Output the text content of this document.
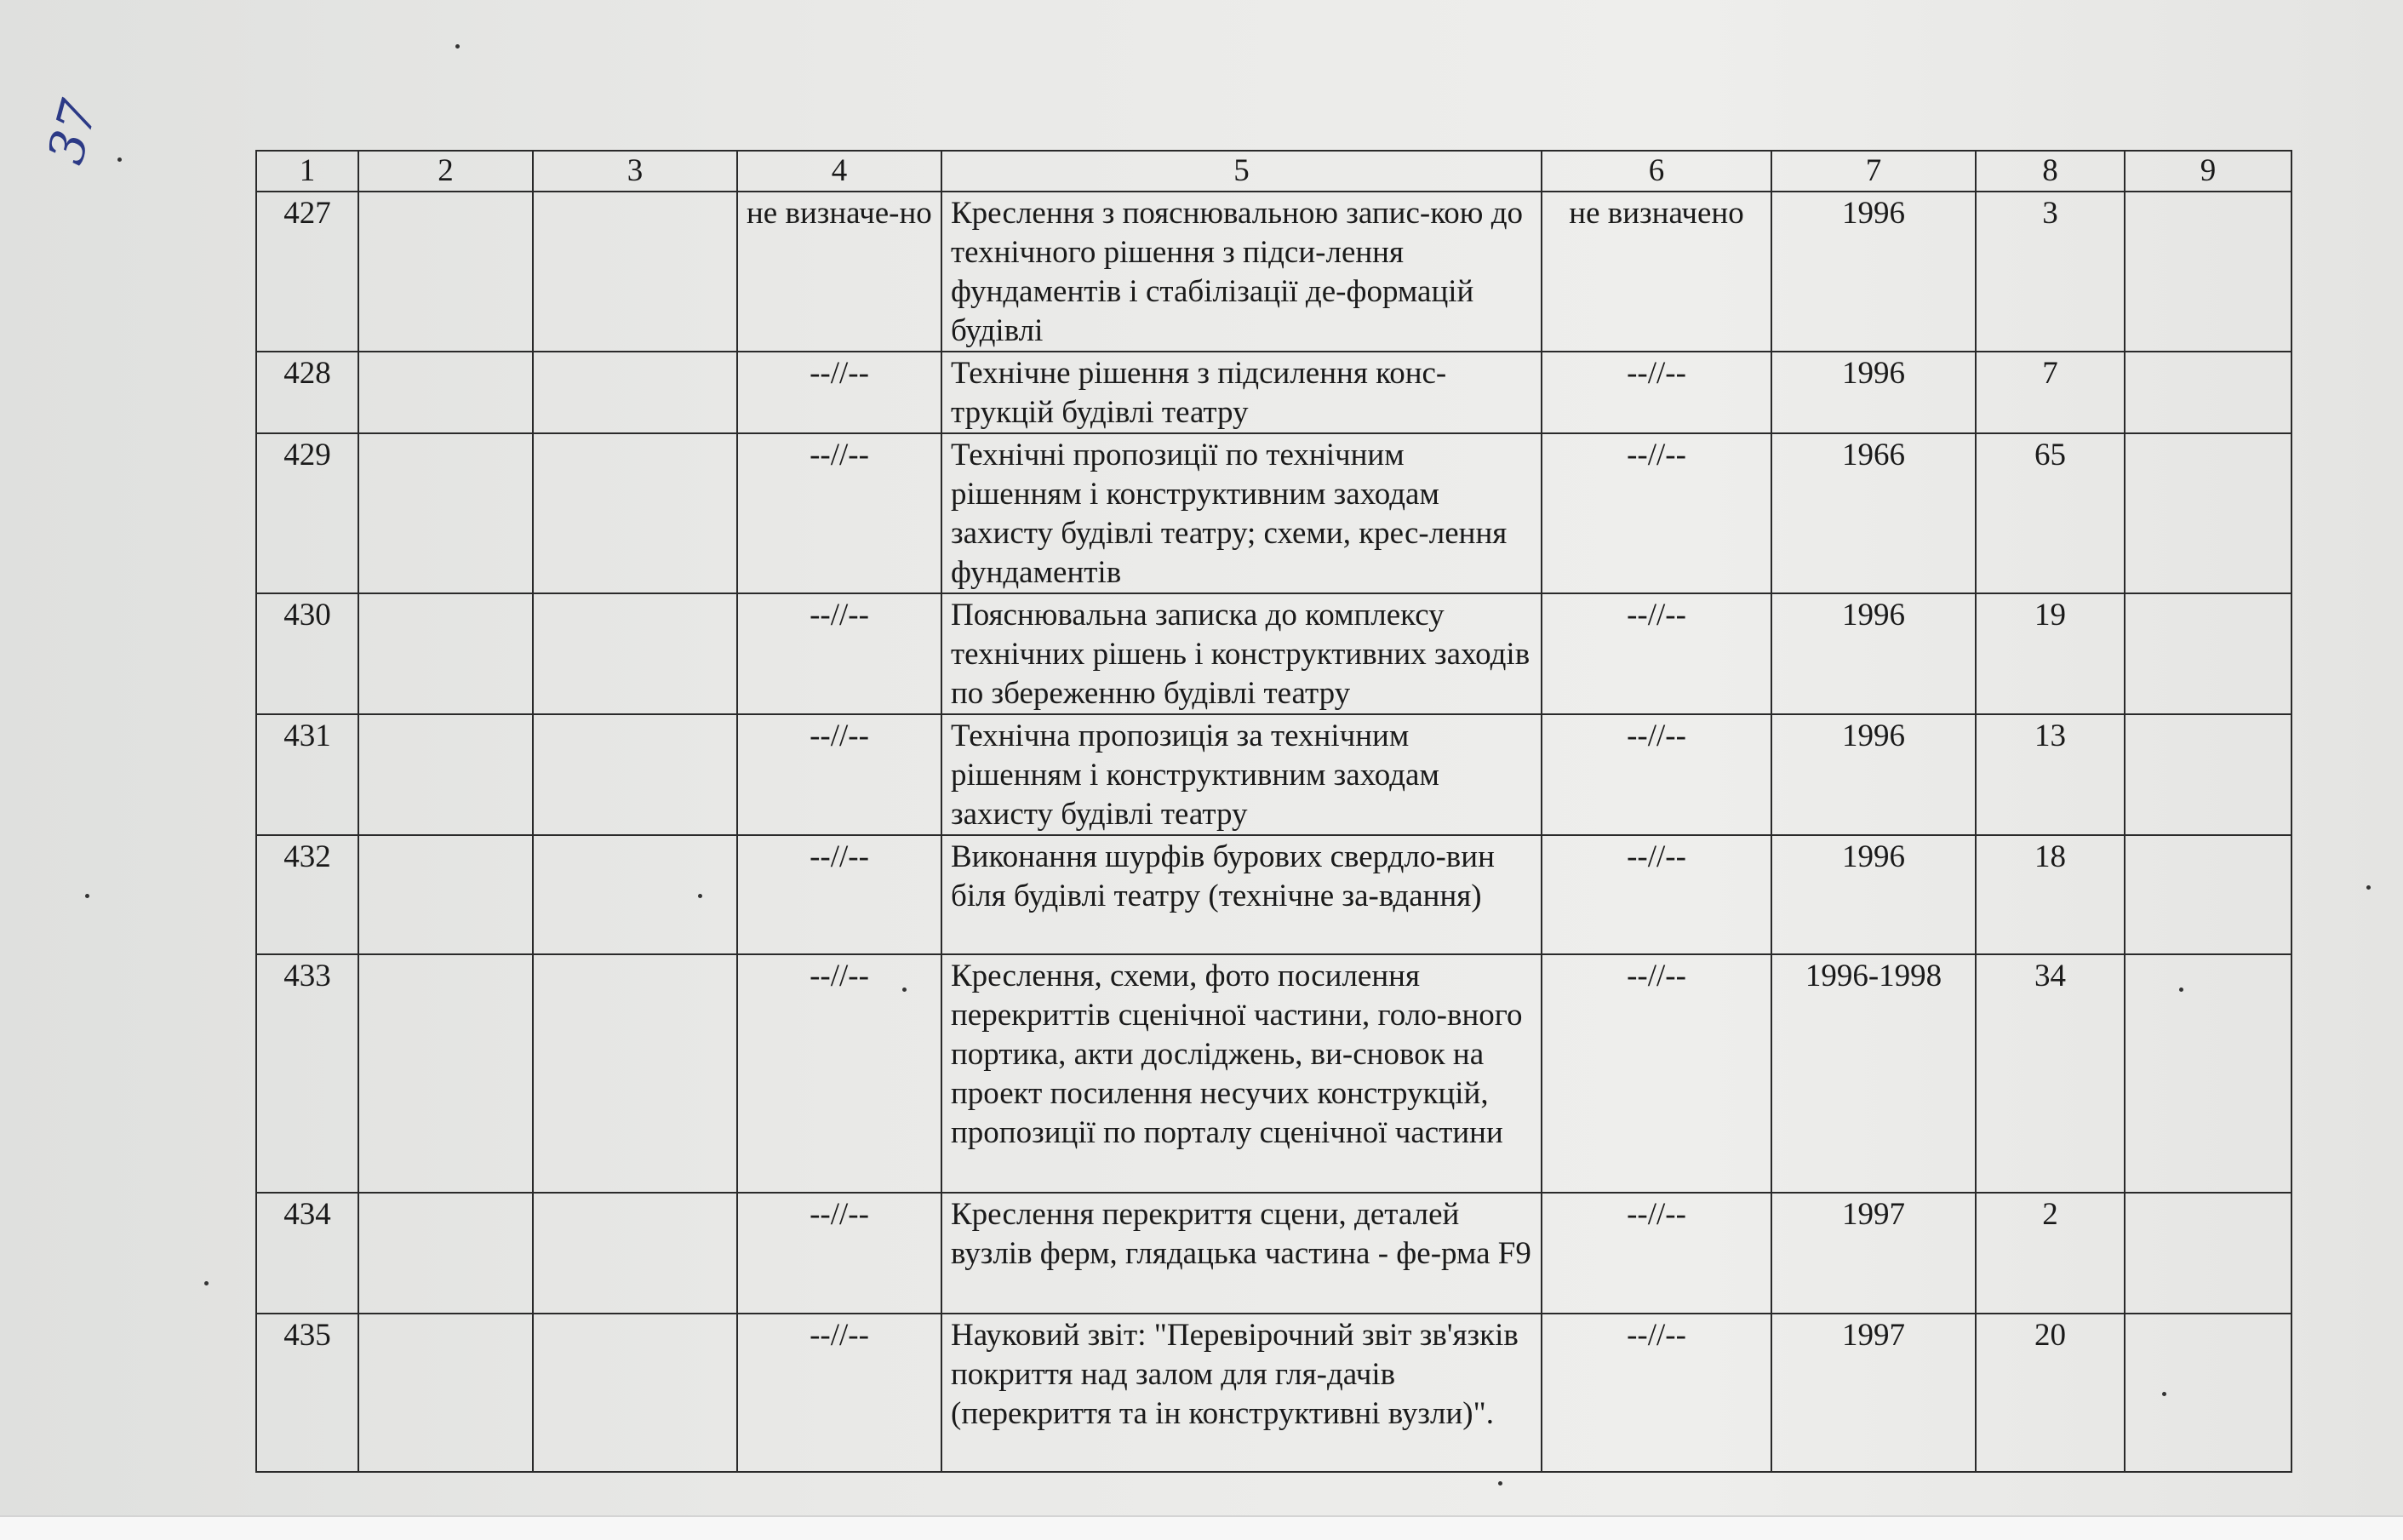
37
1	2	3	4	5	6	7	8	9
427			не визначе-но	Креслення з пояснювальною запис-кою до технічного рішення з підси-лення фундаментів і стабілізації де-формацій будівлі	не визначено	1996	3	
428			--//--	Технічне рішення з підсилення конс-трукцій будівлі театру	--//--	1996	7	
429			--//--	Технічні пропозиції по технічним рішенням і конструктивним заходам захисту будівлі театру; схеми, крес-лення фундаментів	--//--	1966	65	
430			--//--	Пояснювальна записка до комплексу технічних рішень і конструктивних заходів по збереженню будівлі театру	--//--	1996	19	
431			--//--	Технічна пропозиція за технічним рішенням і конструктивним заходам захисту будівлі театру	--//--	1996	13	
432			--//--	Виконання шурфів бурових свердло-вин біля будівлі театру (технічне за-вдання)	--//--	1996	18	
433			--//--	Креслення, схеми, фото посилення перекриттів сценічної частини, голо-вного портика, акти досліджень, ви-сновок на проект посилення несучих конструкцій, пропозиції по порталу сценічної частини	--//--	1996-1998	34	
434			--//--	Креслення перекриття сцени, деталей вузлів ферм, глядацька частина - фе-рма F9	--//--	1997	2	
435			--//--	Науковий звіт: "Перевірочний звіт зв'язків покриття над залом для гля-дачів (перекриття та ін конструктивні вузли)".	--//--	1997	20	
